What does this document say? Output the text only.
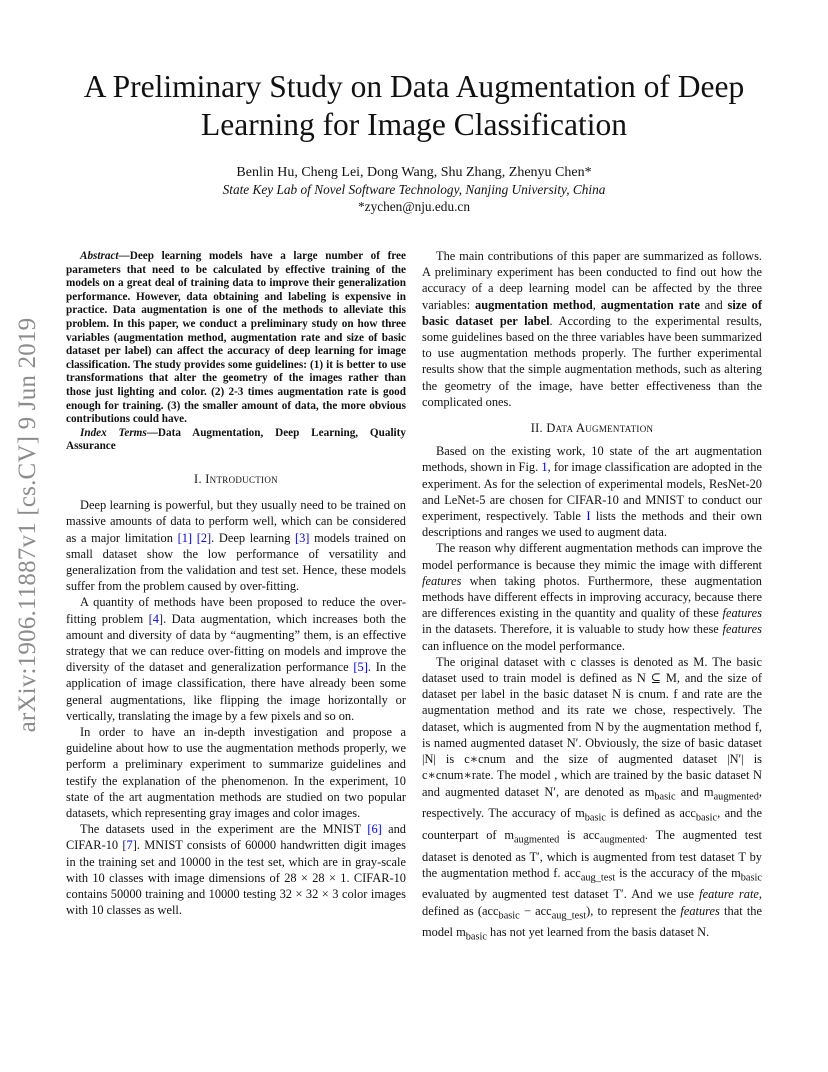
arXiv:1906.11887v1 [cs.CV] 9 Jun 2019
A Preliminary Study on Data Augmentation of Deep Learning for Image Classification
Benlin Hu, Cheng Lei, Dong Wang, Shu Zhang, Zhenyu Chen*
State Key Lab of Novel Software Technology, Nanjing University, China
*zychen@nju.edu.cn

Abstract—Deep learning models have a large number of free parameters that need to be calculated by effective training of the models on a great deal of training data to improve their generalization performance. However, data obtaining and labeling is expensive in practice. Data augmentation is one of the methods to alleviate this problem. In this paper, we conduct a preliminary study on how three variables (augmentation method, augmentation rate and size of basic dataset per label) can affect the accuracy of deep learning for image classification. The study provides some guidelines: (1) it is better to use transformations that alter the geometry of the images rather than those just lighting and color. (2) 2-3 times augmentation rate is good enough for training. (3) the smaller amount of data, the more obvious contributions could have.

Index Terms—Data Augmentation, Deep Learning, Quality Assurance

I. Introduction

Deep learning is powerful, but they usually need to be trained on massive amounts of data to perform well, which can be considered as a major limitation [1] [2]. Deep learning [3] models trained on small dataset show the low performance of versatility and generalization from the validation and test set. Hence, these models suffer from the problem caused by over-fitting.

A quantity of methods have been proposed to reduce the over-fitting problem [4]. Data augmentation, which increases both the amount and diversity of data by “augmenting” them, is an effective strategy that we can reduce over-fitting on models and improve the diversity of the dataset and generalization performance [5]. In the application of image classification, there have already been some general augmentations, like flipping the image horizontally or vertically, translating the image by a few pixels and so on.

In order to have an in-depth investigation and propose a guideline about how to use the augmentation methods properly, we perform a preliminary experiment to summarize guidelines and testify the explanation of the phenomenon. In the experiment, 10 state of the art augmentation methods are studied on two popular datasets, which representing gray images and color images.

The datasets used in the experiment are the MNIST [6] and CIFAR-10 [7]. MNIST consists of 60000 handwritten digit images in the training set and 10000 in the test set, which are in gray-scale with 10 classes with image dimensions of 28 × 28 × 1. CIFAR-10 contains 50000 training and 10000 testing 32 × 32 × 3 color images with 10 classes as well.

The main contributions of this paper are summarized as follows. A preliminary experiment has been conducted to find out how the accuracy of a deep learning model can be affected by the three variables: augmentation method, augmentation rate and size of basic dataset per label. According to the experimental results, some guidelines based on the three variables have been summarized to use augmentation methods properly. The further experimental results show that the simple augmentation methods, such as altering the geometry of the image, have better effectiveness than the complicated ones.

II. Data Augmentation

Based on the existing work, 10 state of the art augmentation methods, shown in Fig. 1, for image classification are adopted in the experiment. As for the selection of experimental models, ResNet-20 and LeNet-5 are chosen for CIFAR-10 and MNIST to conduct our experiment, respectively. Table I lists the methods and their own descriptions and ranges we used to augment data.

The reason why different augmentation methods can improve the model performance is because they mimic the image with different features when taking photos. Furthermore, these augmentation methods have different effects in improving accuracy, because there are differences existing in the quantity and quality of these features in the datasets. Therefore, it is valuable to study how these features can influence on the model performance.

The original dataset with c classes is denoted as M. The basic dataset used to train model is defined as N ⊆ M, and the size of dataset per label in the basic dataset N is cnum. f and rate are the augmentation method and its rate we chose, respectively. The dataset, which is augmented from N by the augmentation method f, is named augmented dataset N′. Obviously, the size of basic dataset |N| is c∗cnum and the size of augmented dataset |N′| is c∗cnum∗rate. The model , which are trained by the basic dataset N and augmented dataset N′, are denoted as $m_{basic}$ and $m_{augmented}$, respectively. The accuracy of $m_{basic}$ is defined as acc$_{basic}$, and the counterpart of $m_{augmented}$ is acc$_{augmented}$. The augmented test dataset is denoted as T′, which is augmented from test dataset T by the augmentation method f. acc$_{aug\_test}$ is the accuracy of the $m_{basic}$ evaluated by augmented test dataset T′. And we use feature rate, defined as (acc$_{basic}$ − acc$_{aug\_test}$), to represent the features that the model $m_{basic}$ has not yet learned from the basis dataset N.
